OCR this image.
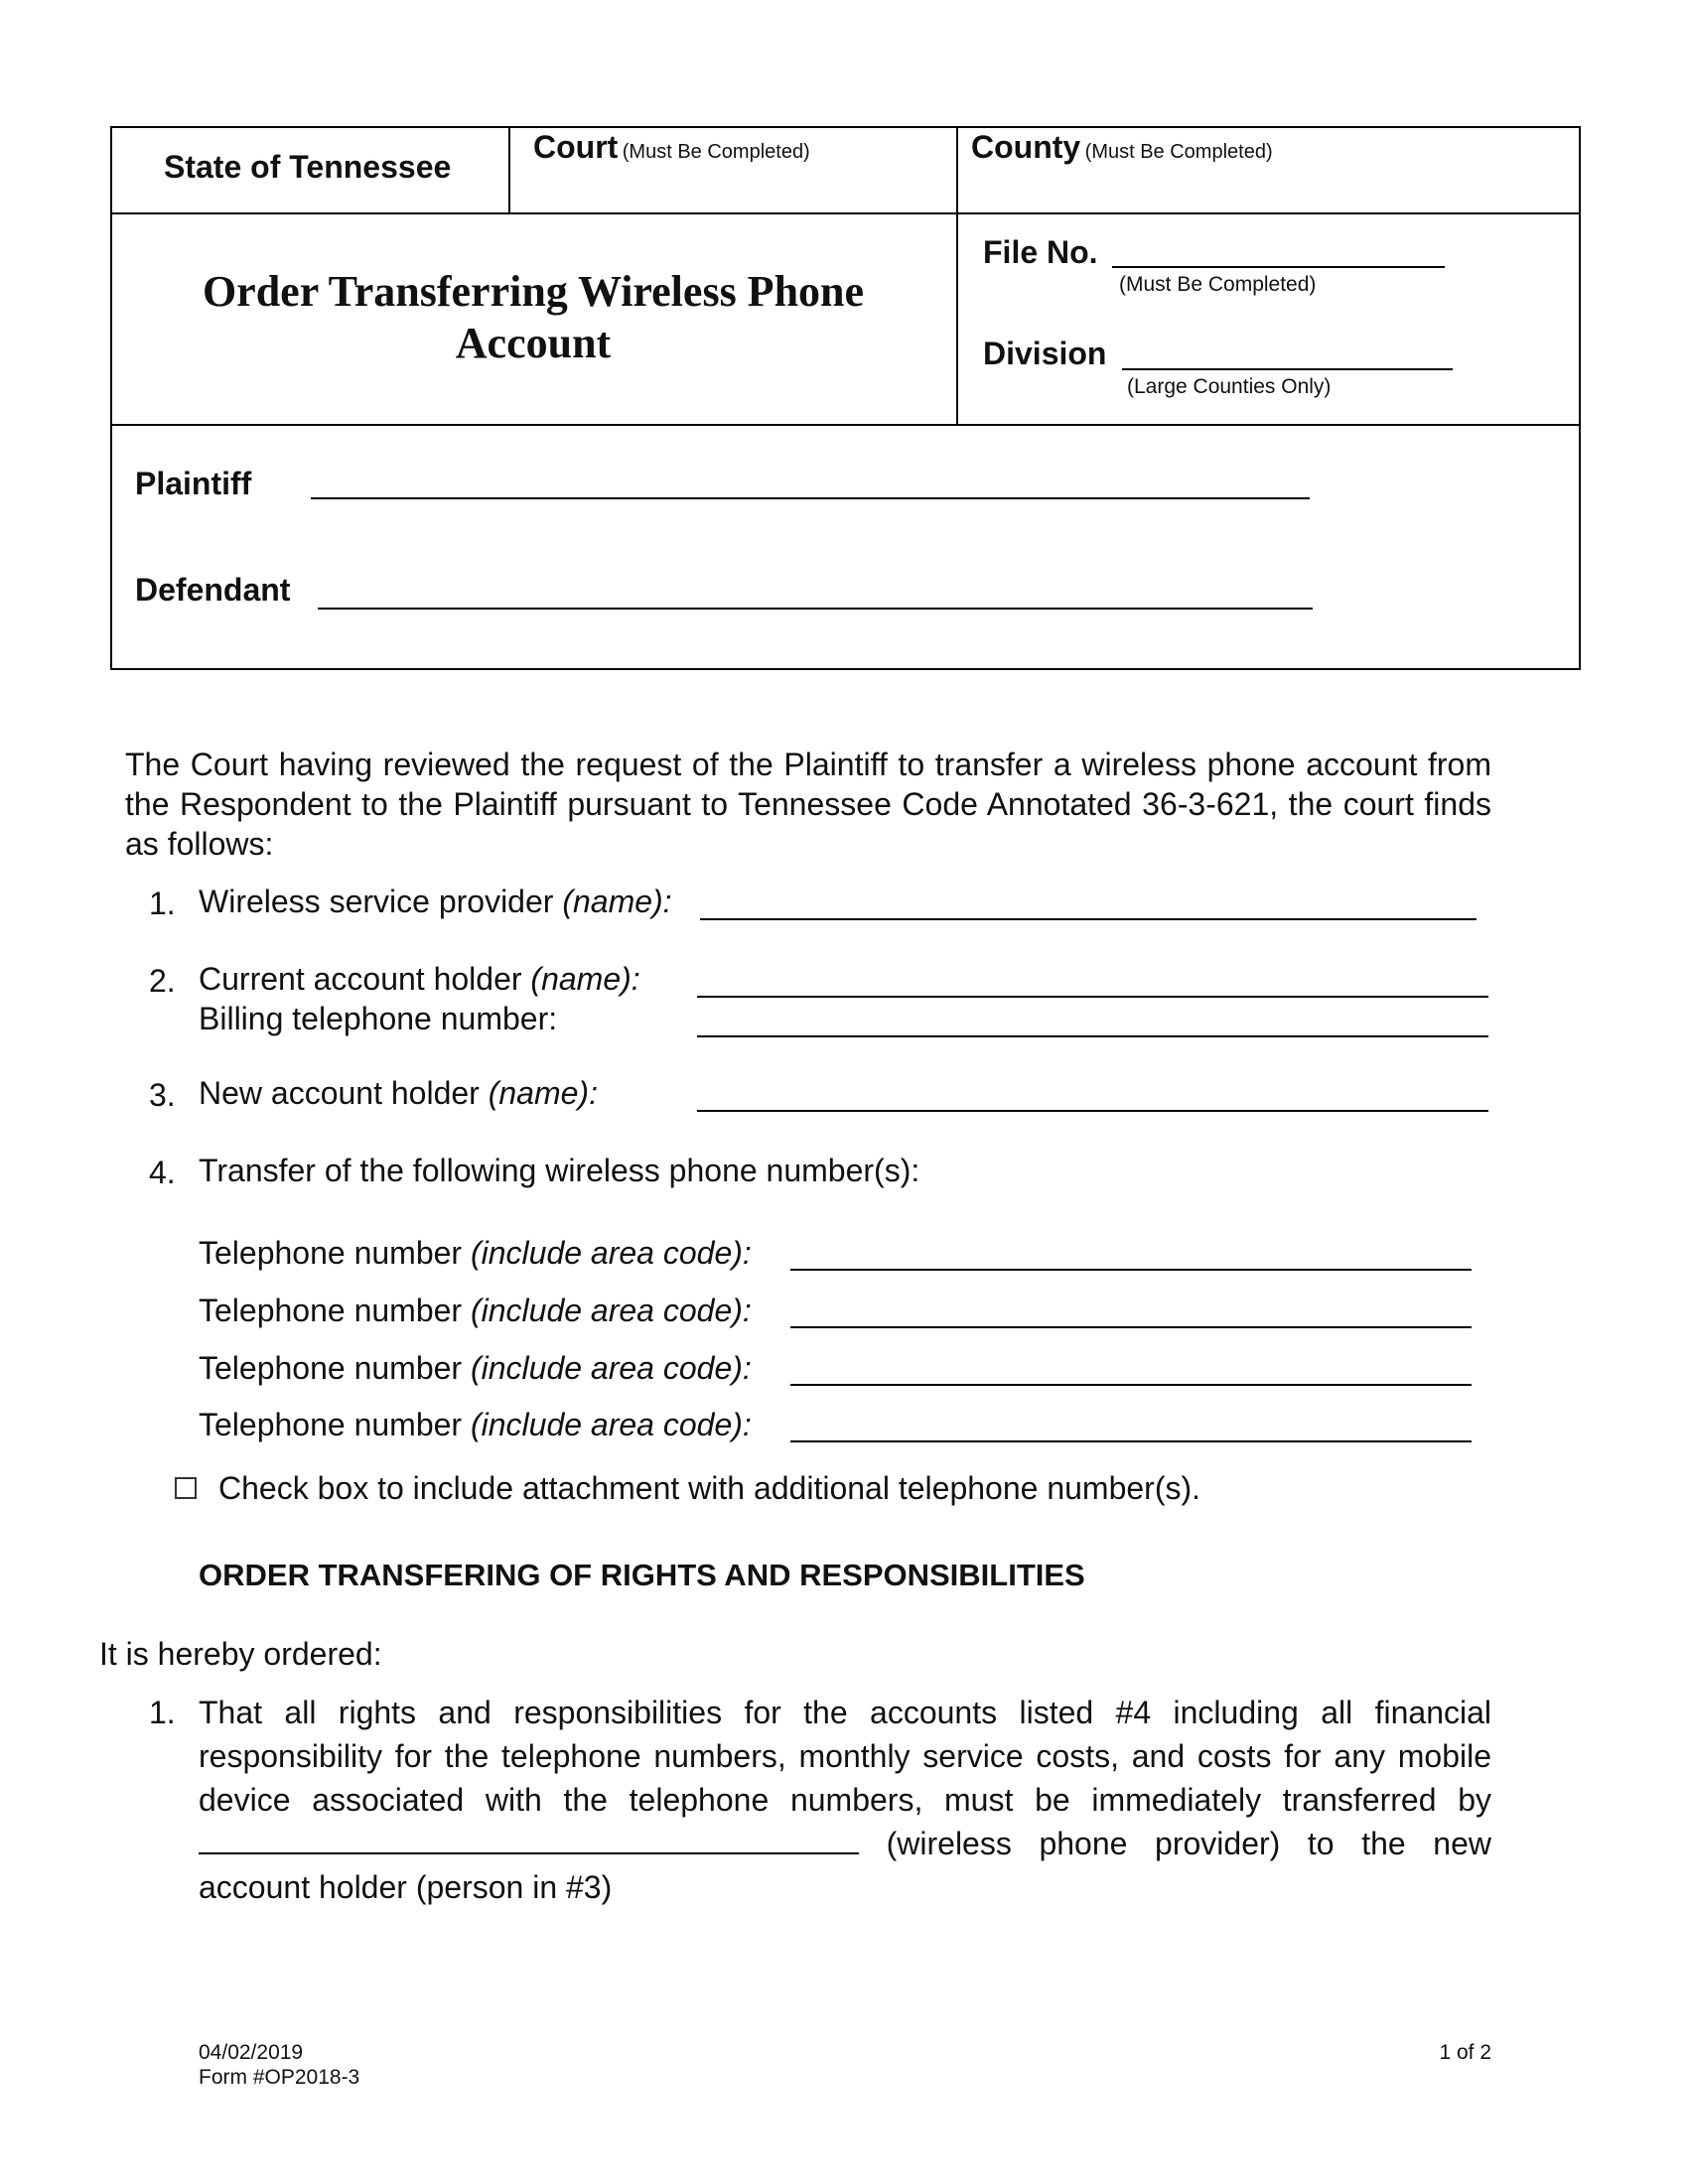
State of Tennessee
Court (Must Be Completed)	County (Must Be Completed)
Order Transferring Wireless Phone
Account
File No.
(Must Be Completed)
Division
(Large Counties Only)
Plaintiff
Defendant
The Court having reviewed the request of the Plaintiff to transfer a wireless phone account from the Respondent to the Plaintiff pursuant to Tennessee Code Annotated 36-3-621, the court finds as follows:
1. Wireless service provider (name):
2. Current account holder (name):
Billing telephone number:
3. New account holder (name):
4. Transfer of the following wireless phone number(s):
Telephone number (include area code):
Telephone number (include area code):
Telephone number (include area code):
Telephone number (include area code):
Check box to include attachment with additional telephone number(s).
ORDER TRANSFERING OF RIGHTS AND RESPONSIBILITIES
It is hereby ordered:
1. That all rights and responsibilities for the accounts listed #4 including all financial responsibility for the telephone numbers, monthly service costs, and costs for any mobile device associated with the telephone numbers, must be immediately transferred by  (wireless phone provider) to the new account holder (person in #3)
04/02/2019
Form #OP2018-3
1 of 2
